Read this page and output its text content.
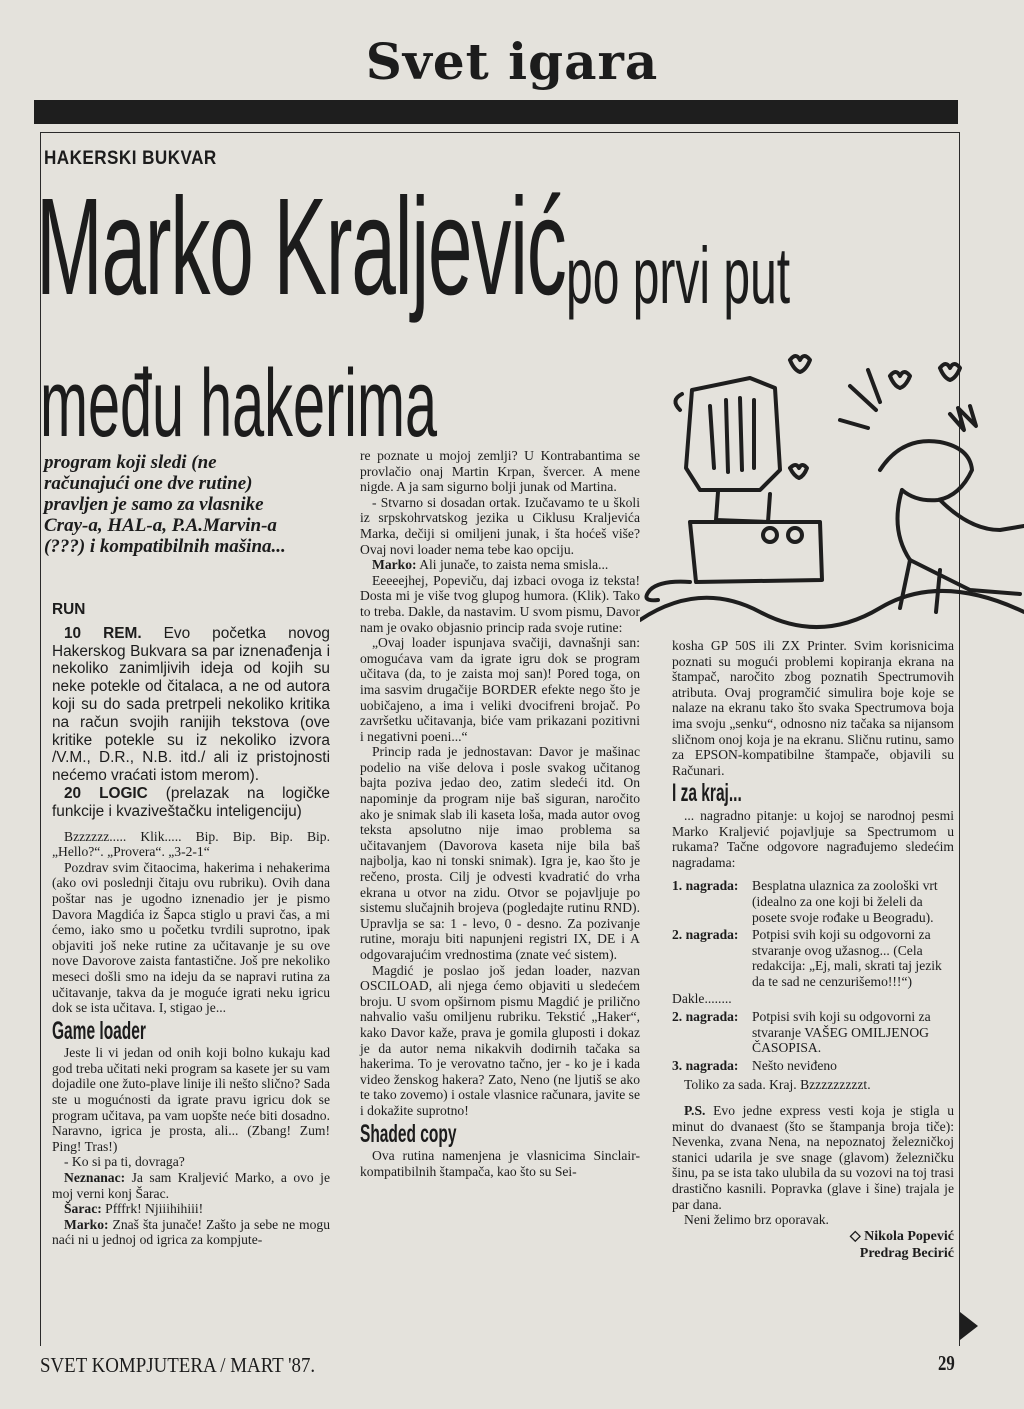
Svet igara
HAKERSKI BUKVAR
Marko Kraljević po prvi put
među hakerima
program koji sledi (ne računajući one dve rutine) pravljen je samo za vlasnike Cray-a, HAL-a, P.A.Marvin-a (???) i kompatibilnih mašina...

RUN

10 REM. Evo početka novog Hakerskog Bukvara sa par iznenađenja i nekoliko zanimljivih ideja od kojih su neke potekle od čitalaca, a ne od autora koji su do sada pretrpeli nekoliko kritika na račun svojih ranijih tekstova (ove kritike potekle su iz nekoliko izvora /V.M., D.R., N.B. itd./ ali iz pristojnosti nećemo vraćati istom merom).

20 LOGIC (prelazak na logičke funkcije i kvaziveštačku inteligenciju)

Bzzzzzz..... Klik..... Bip. Bip. Bip. Bip. „Hello?“. „Provera“. „3-2-1“

Pozdrav svim čitaocima, hakerima i nehakerima (ako ovi poslednji čitaju ovu rubriku). Ovih dana poštar nas je ugodno iznenadio jer je pismo Davora Magdića iz Šapca stiglo u pravi čas, a mi ćemo, iako smo u početku tvrdili suprotno, ipak objaviti još neke rutine za učitavanje je su ove nove Davorove zaista fantastične. Još pre nekoliko meseci došli smo na ideju da se napravi rutina za učitavanje, takva da je moguće igrati neku igricu dok se ista učitava. I, stigao je...

Game loader

Jeste li vi jedan od onih koji bolno kukaju kad god treba učitati neki program sa kasete jer su vam dojadile one žuto-plave linije ili nešto slično? Sada ste u mogućnosti da igrate pravu igricu dok se program učitava, pa vam uopšte neće biti dosadno. Naravno, igrica je prosta, ali... (Zbang! Zum! Ping! Tras!)

- Ko si pa ti, dovraga?

Neznanac: Ja sam Kraljević Marko, a ovo je moj verni konj Šarac.

Šarac: Pfffrk! Njiiihihiii!

Marko: Znaš šta junače! Zašto ja sebe ne mogu naći ni u jednoj od igrica za kompjute-

re poznate u mojoj zemlji? U Kontrabantima se provlačio onaj Martin Krpan, švercer. A mene nigde. A ja sam sigurno bolji junak od Martina.

- Stvarno si dosadan ortak. Izučavamo te u školi iz srpskohrvatskog jezika u Ciklusu Kraljevića Marka, dečiji si omiljeni junak, i šta hoćeš više? Ovaj novi loader nema tebe kao opciju.

Marko: Ali junače, to zaista nema smisla...

Eeeeejhej, Popeviču, daj izbaci ovoga iz teksta! Dosta mi je više tvog glupog humora. (Klik). Tako to treba. Dakle, da nastavim. U svom pismu, Davor nam je ovako objasnio princip rada svoje rutine:

„Ovaj loader ispunjava svačiji, davnašnji san: omogućava vam da igrate igru dok se program učitava (da, to je zaista moj san)! Pored toga, on ima sasvim drugačije BORDER efekte nego što je uobičajeno, a ima i veliki dvocifreni brojač. Po završetku učitavanja, biće vam prikazani pozitivni i negativni poeni...“

Princip rada je jednostavan: Davor je mašinac podelio na više delova i posle svakog učitanog bajta poziva jedao deo, zatim sledeći itd. On napominje da program nije baš siguran, naročito ako je snimak slab ili kaseta loša, mada autor ovog teksta apsolutno nije imao problema sa učitavanjem (Davorova kaseta nije bila baš najbolja, kao ni tonski snimak). Igra je, kao što je rečeno, prosta. Cilj je odvesti kvadratić do vrha ekrana u otvor na zidu. Otvor se pojavljuje po sistemu slučajnih brojeva (pogledajte rutinu RND). Upravlja se sa: 1 - levo, 0 - desno. Za pozivanje rutine, moraju biti napunjeni registri IX, DE i A odgovarajućim vrednostima (znate već sistem).

Magdić je poslao još jedan loader, nazvan OSCILOAD, ali njega ćemo objaviti u sledećem broju. U svom opširnom pismu Magdić je prilično nahvalio vašu omiljenu rubriku. Tekstić „Haker“, kako Davor kaže, prava je gomila gluposti i dokaz je da autor nema nikakvih dodirnih tačaka sa hakerima. To je verovatno tačno, jer - ko je i kada video ženskog hakera? Zato, Neno (ne ljutiš se ako te tako zovemo) i ostale vlasnice računara, javite se i dokažite suprotno!

Shaded copy

Ova rutina namenjena je vlasnicima Sinclair-kompatibilnih štampača, kao što su Sei-

kosha GP 50S ili ZX Printer. Svim korisnicima poznati su mogući problemi kopiranja ekrana na štampač, naročito zbog poznatih Spectrumovih atributa. Ovaj programčić simulira boje koje se nalaze na ekranu tako što svaka Spectrumova boja ima svoju „senku“, odnosno niz tačaka sa nijansom sličnom onoj koja je na ekranu. Sličnu rutinu, samo za EPSON-kompatibilne štampače, objavili su Računari.

I za kraj...

... nagradno pitanje: u kojoj se narodnoj pesmi Marko Kraljević pojavljuje sa Spectrumom u rukama? Tačne odgovore nagrađujemo sledećim nagradama:

1. nagrada: Besplatna ulaznica za zoološki vrt (idealno za one koji bi želeli da posete svoje rođake u Beogradu).
2. nagrada: Potpisi svih koji su odgovorni za stvaranje ovog užasnog... (Cela redakcija: „Ej, mali, skrati taj jezik da te sad ne cenzurišemo!!!“)
Dakle........
2. nagrada: Potpisi svih koji su odgovorni za stvaranje VAŠEG OMILJENOG ČASOPISA.
3. nagrada: Nešto neviđeno

Toliko za sada. Kraj. Bzzzzzzzzzt.

P.S. Evo jedne express vesti koja je stigla u minut do dvanaest (što se štampanja broja tiče): Nevenka, zvana Nena, na nepoznatoj železničkoj stanici udarila je sve snage (glavom) železničku šinu, pa se ista tako ulubila da su vozovi na toj trasi drastično kasnili. Popravka (glave i šine) trajala je par dana.

Neni želimo brz oporavak.

◇ Nikola Popević
Predrag Becirić
SVET KOMPJUTERA / MART '87.	29
